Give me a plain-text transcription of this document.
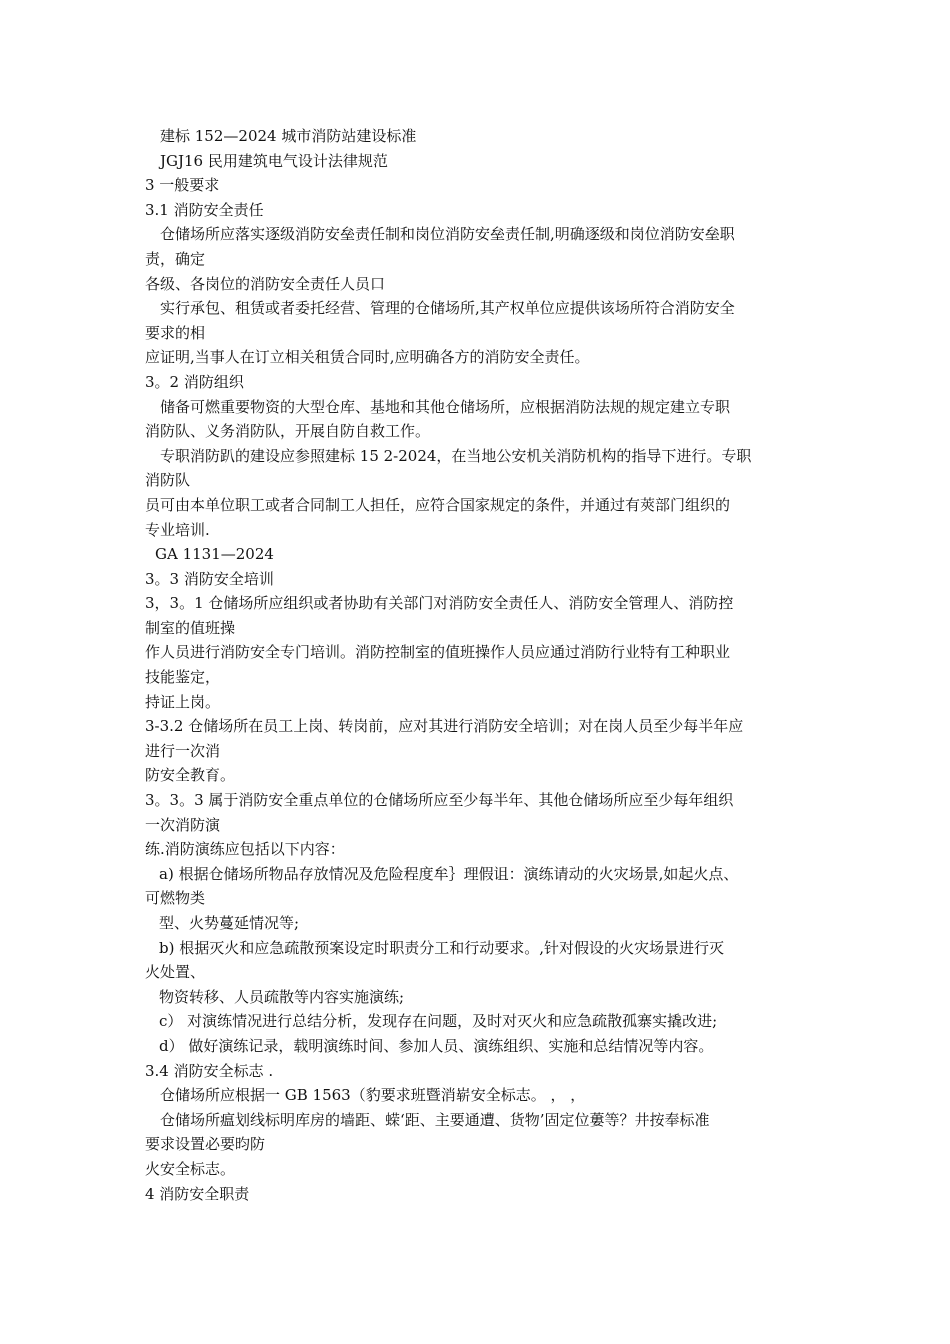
建标 152—2024 城市消防站建设标准
JGJ16 民用建筑电气设计法律规范
3 一般要求
3.1 消防安全责任
仓储场所应落实逐级消防安垒责任制和岗位消防安垒责任制,明确逐级和岗位消防安垒职
责，确定
各级、各岗位的消防安全责任人员口
实行承包、租赁或者委托经营、管理的仓储场所,其产权单位应提供该场所符合消防安全
要求的相
应证明,当事人在订立相关租赁合同时,应明确各方的消防安全责任。
3。2 消防组织
储备可燃重要物资的大型仓库、基地和其他仓储场所，应根据消防法规的规定建立专职
消防队、义务消防队，开展自防自救工作。
专职消防趴的建设应参照建标 15 2-2024，在当地公安机关消防机构的指导下进行。专职
消防队
员可由本单位职工或者合同制工人担任，应符合国家规定的条件，并通过有莢部门组织的
专业培训.
GA 1131—2024
3。3 消防安全培训
3，3。1 仓储场所应组织或者协助有关部门对消防安全责任人、消防安全管理人、消防控
制室的值班操
作人员进行消防安全专门培训。消防控制室的值班操作人员应通过消防行业特有工种职业
技能鉴定，
持证上岗。
3-3.2 仓储场所在员工上岗、转岗前，应对其进行消防安全培训；对在岗人员至少每半年应
进行一次消
防安全教育。
3。3。3 属于消防安全重点单位的仓储场所应至少每半年、其他仓储场所应至少每年组织
一次消防演
练.消防演练应包括以下内容：
a) 根据仓储场所物品存放情况及危险程度牟｝理假诅：演练请动的火灾场景,如起火点、
可燃物类
型、火势蔓延情况等;
b) 根据灭火和应急疏散预案设定时职责分工和行动要求。,针对假设的火灾场景进行灭
火处置、
物资转移、人员疏散等内容实施演练;
c） 对演练情况进行总结分析，发现存在问题，及时对灭火和应急疏散孤寨实撬改进;
d） 做好演练记录，载明演练时间、参加人员、演练组织、实施和总结情况等内容。
3.4 消防安全标志 .
仓储场所应根据一 GB 1563（豹要求班暨消崭安全标志。 ， ，
仓储场所瘟划线标明库房的墙距、蝾‘距、主要通遭、货物’固定位蔞等？井按奉标准
要求设置必要昀防
火安全标志。
4 消防安全职责
